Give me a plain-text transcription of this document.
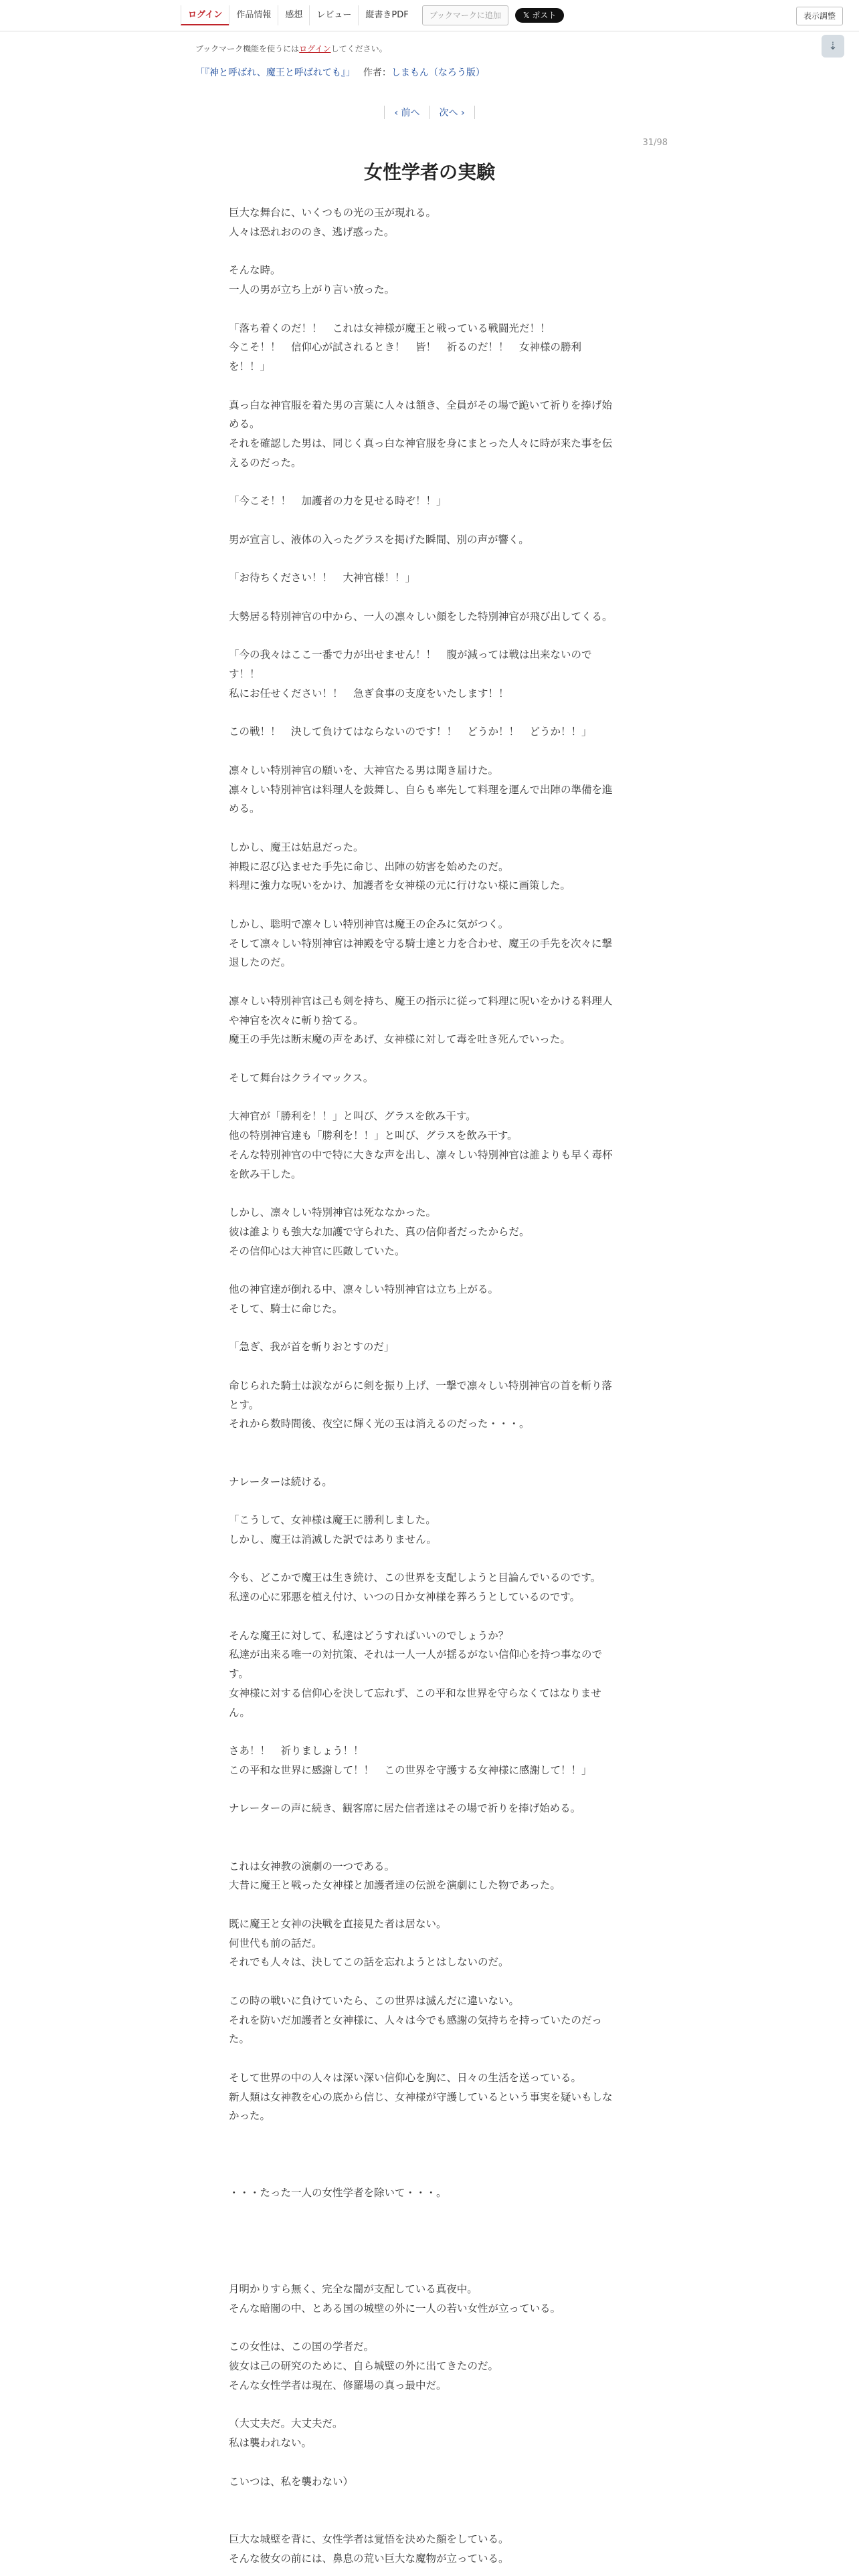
ログイン	作品情報	感想	レビュー	縦書きPDF	ブックマークに追加	𝕏 ポスト	表示調整
⇣
ブックマーク機能を使うにはログインしてください。
「『神と呼ばれ、魔王と呼ばれても』」 作者：しまもん（なろう版）
‹ 前へ 次へ ›
31/98
女性学者の実験
巨大な舞台に、いくつもの光の玉が現れる。
人々は恐れおののき、逃げ惑った。
そんな時。
一人の男が立ち上がり言い放った。
「落ち着くのだ！！　これは女神様が魔王と戦っている戦闘光だ！！
今こそ！！　信仰心が試されるとき！　皆！　祈るのだ！！　女神様の勝利
を！！」
真っ白な神官服を着た男の言葉に人々は頷き、全員がその場で跪いて祈りを捧げ始
める。
それを確認した男は、同じく真っ白な神官服を身にまとった人々に時が来た事を伝
えるのだった。
「今こそ！！　加護者の力を見せる時ぞ！！」
男が宣言し、液体の入ったグラスを掲げた瞬間、別の声が響く。
「お待ちください！！　大神官様！！」
大勢居る特別神官の中から、一人の凛々しい顔をした特別神官が飛び出してくる。
「今の我々はここ一番で力が出せません！！　腹が減っては戦は出来ないので
す！！
私にお任せください！！　急ぎ食事の支度をいたします！！
この戦！！　決して負けてはならないのです！！　どうか！！　どうか！！」
凛々しい特別神官の願いを、大神官たる男は聞き届けた。
凛々しい特別神官は料理人を鼓舞し、自らも率先して料理を運んで出陣の準備を進
める。
しかし、魔王は姑息だった。
神殿に忍び込ませた手先に命じ、出陣の妨害を始めたのだ。
料理に強力な呪いをかけ、加護者を女神様の元に行けない様に画策した。
しかし、聡明で凛々しい特別神官は魔王の企みに気がつく。
そして凛々しい特別神官は神殿を守る騎士達と力を合わせ、魔王の手先を次々に撃
退したのだ。
凛々しい特別神官は己も剣を持ち、魔王の指示に従って料理に呪いをかける料理人
や神官を次々に斬り捨てる。
魔王の手先は断末魔の声をあげ、女神様に対して毒を吐き死んでいった。
そして舞台はクライマックス。
大神官が「勝利を！！」と叫び、グラスを飲み干す。
他の特別神官達も「勝利を！！」と叫び、グラスを飲み干す。
そんな特別神官の中で特に大きな声を出し、凛々しい特別神官は誰よりも早く毒杯
を飲み干した。
しかし、凛々しい特別神官は死ななかった。
彼は誰よりも強大な加護で守られた、真の信仰者だったからだ。
その信仰心は大神官に匹敵していた。
他の神官達が倒れる中、凛々しい特別神官は立ち上がる。
そして、騎士に命じた。
「急ぎ、我が首を斬りおとすのだ」
命じられた騎士は涙ながらに剣を振り上げ、一撃で凛々しい特別神官の首を斬り落
とす。
それから数時間後、夜空に輝く光の玉は消えるのだった・・・。
ナレーターは続ける。
「こうして、女神様は魔王に勝利しました。
しかし、魔王は消滅した訳ではありません。
今も、どこかで魔王は生き続け、この世界を支配しようと目論んでいるのです。
私達の心に邪悪を植え付け、いつの日か女神様を葬ろうとしているのです。
そんな魔王に対して、私達はどうすればいいのでしょうか？
私達が出来る唯一の対抗策、それは一人一人が揺るがない信仰心を持つ事なので
す。
女神様に対する信仰心を決して忘れず、この平和な世界を守らなくてはなりませ
ん。
さあ！！　祈りましょう！！
この平和な世界に感謝して！！　この世界を守護する女神様に感謝して！！」
ナレーターの声に続き、観客席に居た信者達はその場で祈りを捧げ始める。
これは女神教の演劇の一つである。
大昔に魔王と戦った女神様と加護者達の伝説を演劇にした物であった。
既に魔王と女神の決戦を直接見た者は居ない。
何世代も前の話だ。
それでも人々は、決してこの話を忘れようとはしないのだ。
この時の戦いに負けていたら、この世界は滅んだに違いない。
それを防いだ加護者と女神様に、人々は今でも感謝の気持ちを持っていたのだっ
た。
そして世界の中の人々は深い深い信仰心を胸に、日々の生活を送っている。
新人類は女神教を心の底から信じ、女神様が守護しているという事実を疑いもしな
かった。
・・・たった一人の女性学者を除いて・・・。
月明かりすら無く、完全な闇が支配している真夜中。
そんな暗闇の中、とある国の城壁の外に一人の若い女性が立っている。
この女性は、この国の学者だ。
彼女は己の研究のために、自ら城壁の外に出てきたのだ。
そんな女性学者は現在、修羅場の真っ最中だ。
（大丈夫だ。大丈夫だ。
私は襲われない。
こいつは、私を襲わない）
巨大な城壁を背に、女性学者は覚悟を決めた顔をしている。
そんな彼女の前には、鼻息の荒い巨大な魔物が立っている。
